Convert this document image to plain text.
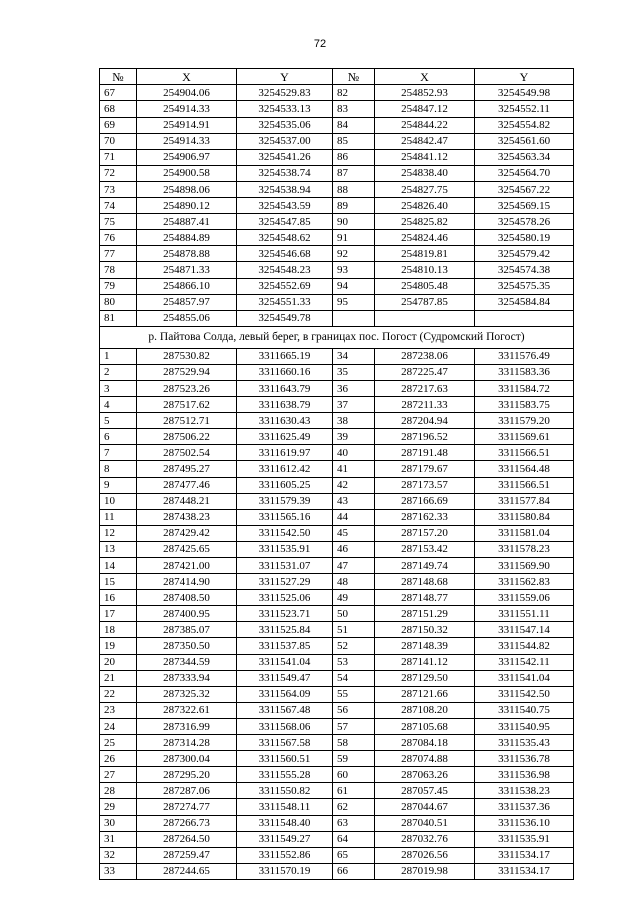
72
№	X	Y	№	X	Y
67	254904.06	3254529.83	82	254852.93	3254549.98
68	254914.33	3254533.13	83	254847.12	3254552.11
69	254914.91	3254535.06	84	254844.22	3254554.82
70	254914.33	3254537.00	85	254842.47	3254561.60
71	254906.97	3254541.26	86	254841.12	3254563.34
72	254900.58	3254538.74	87	254838.40	3254564.70
73	254898.06	3254538.94	88	254827.75	3254567.22
74	254890.12	3254543.59	89	254826.40	3254569.15
75	254887.41	3254547.85	90	254825.82	3254578.26
76	254884.89	3254548.62	91	254824.46	3254580.19
77	254878.88	3254546.68	92	254819.81	3254579.42
78	254871.33	3254548.23	93	254810.13	3254574.38
79	254866.10	3254552.69	94	254805.48	3254575.35
80	254857.97	3254551.33	95	254787.85	3254584.84
81	254855.06	3254549.78			
р. Пайтова Солда, левый берег, в границах пос. Погост (Судромский Погост)					
1	287530.82	3311665.19	34	287238.06	3311576.49
2	287529.94	3311660.16	35	287225.47	3311583.36
3	287523.26	3311643.79	36	287217.63	3311584.72
4	287517.62	3311638.79	37	287211.33	3311583.75
5	287512.71	3311630.43	38	287204.94	3311579.20
6	287506.22	3311625.49	39	287196.52	3311569.61
7	287502.54	3311619.97	40	287191.48	3311566.51
8	287495.27	3311612.42	41	287179.67	3311564.48
9	287477.46	3311605.25	42	287173.57	3311566.51
10	287448.21	3311579.39	43	287166.69	3311577.84
11	287438.23	3311565.16	44	287162.33	3311580.84
12	287429.42	3311542.50	45	287157.20	3311581.04
13	287425.65	3311535.91	46	287153.42	3311578.23
14	287421.00	3311531.07	47	287149.74	3311569.90
15	287414.90	3311527.29	48	287148.68	3311562.83
16	287408.50	3311525.06	49	287148.77	3311559.06
17	287400.95	3311523.71	50	287151.29	3311551.11
18	287385.07	3311525.84	51	287150.32	3311547.14
19	287350.50	3311537.85	52	287148.39	3311544.82
20	287344.59	3311541.04	53	287141.12	3311542.11
21	287333.94	3311549.47	54	287129.50	3311541.04
22	287325.32	3311564.09	55	287121.66	3311542.50
23	287322.61	3311567.48	56	287108.20	3311540.75
24	287316.99	3311568.06	57	287105.68	3311540.95
25	287314.28	3311567.58	58	287084.18	3311535.43
26	287300.04	3311560.51	59	287074.88	3311536.78
27	287295.20	3311555.28	60	287063.26	3311536.98
28	287287.06	3311550.82	61	287057.45	3311538.23
29	287274.77	3311548.11	62	287044.67	3311537.36
30	287266.73	3311548.40	63	287040.51	3311536.10
31	287264.50	3311549.27	64	287032.76	3311535.91
32	287259.47	3311552.86	65	287026.56	3311534.17
33	287244.65	3311570.19	66	287019.98	3311534.17
